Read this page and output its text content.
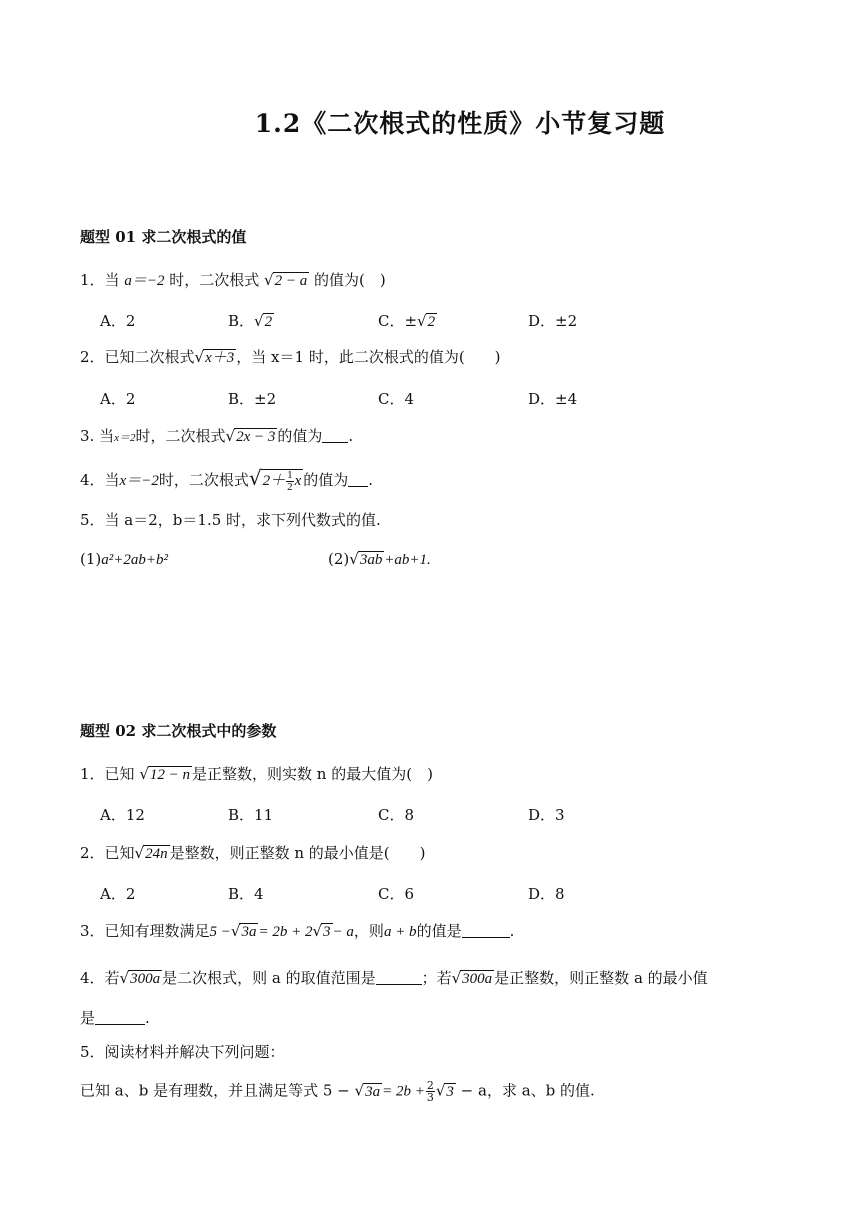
1.2《二次根式的性质》小节复习题
题型 01 求二次根式的值
1．当 a＝−2 时，二次根式 √2 − a 的值为(　)
A．2	B．√2	C．±√2	D．±2
2．已知二次根式√x＋3 ，当 x＝1 时，此二次根式的值为(　　)
A．2	B．±2	C．4	D．±4
3. 当x＝2时，二次根式√2x − 3 的值为 .
4．当x＝−2时，二次根式$√2+ \frac{1}{2}$ x 的值为 .
5．当 a＝2，b＝1.5 时，求下列代数式的值.
(1)a²+2ab+b²	(2)√3ab +ab+1.
题型 02 求二次根式中的参数
1．已知 √12 − n 是正整数，则实数 n 的最大值为(　)
A．12	B．11	C．8	D．3
2．已知√24n 是整数，则正整数 n 的最小值是(　　)
A．2	B．4	C．6	D．8
3．已知有理数满足5 −√3a = 2b + 2√3 − a，则a + b的值是	.
4．若√300a 是二次根式，则 a 的取值范围是	；若√300a 是正整数，则正整数 a 的最小值
是	.
5．阅读材料并解决下列问题：
已知 a、b 是有理数，并且满足等式 $5 - √3a = 2b + \frac{2}{3} √3 - a$，求 a、b 的值.
